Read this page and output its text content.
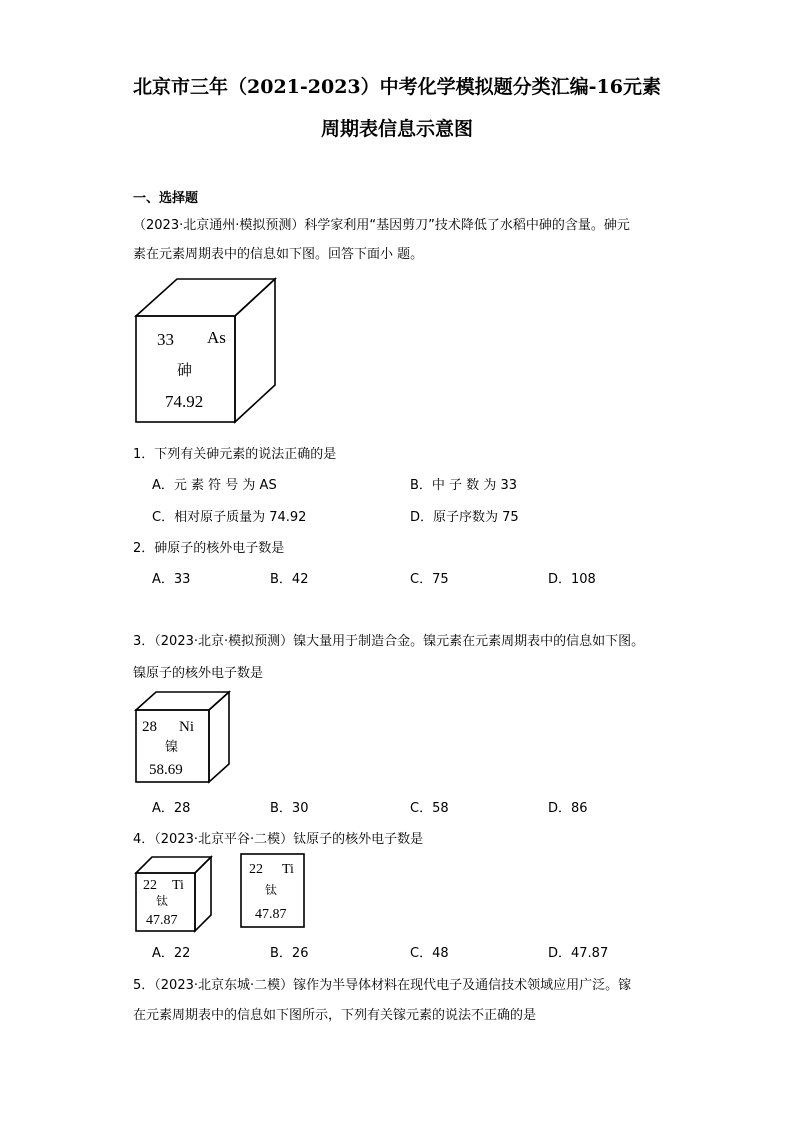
北京市三年（2021-2023）中考化学模拟题分类汇编-16元素
周期表信息示意图
一、选择题
（2023·北京通州·模拟预测）科学家利用“基因剪刀”技术降低了水稻中砷的含量。砷元
素在元素周期表中的信息如下图。回答下面小 题。
33 As
砷
74.92
1．下列有关砷元素的说法正确的是
A．元 素 符 号 为 AS	B．中 子 数 为 33
C．相对原子质量为 74.92	D．原子序数为 75
2．砷原子的核外电子数是
A．33	B．42	C．75	D．108
3．（2023·北京·模拟预测）镍大量用于制造合金。镍元素在元素周期表中的信息如下图。
镍原子的核外电子数是
28 Ni
镍
58.69
A．28	B．30	C．58	D．86
4．（2023·北京平谷·二模）钛原子的核外电子数是
22 Ti
钛
47.87
22 Ti
钛
47.87
A．22	B．26	C．48	D．47.87
5．（2023·北京东城·二模）镓作为半导体材料在现代电子及通信技术领域应用广泛。镓
在元素周期表中的信息如下图所示，下列有关镓元素的说法不正确的是
